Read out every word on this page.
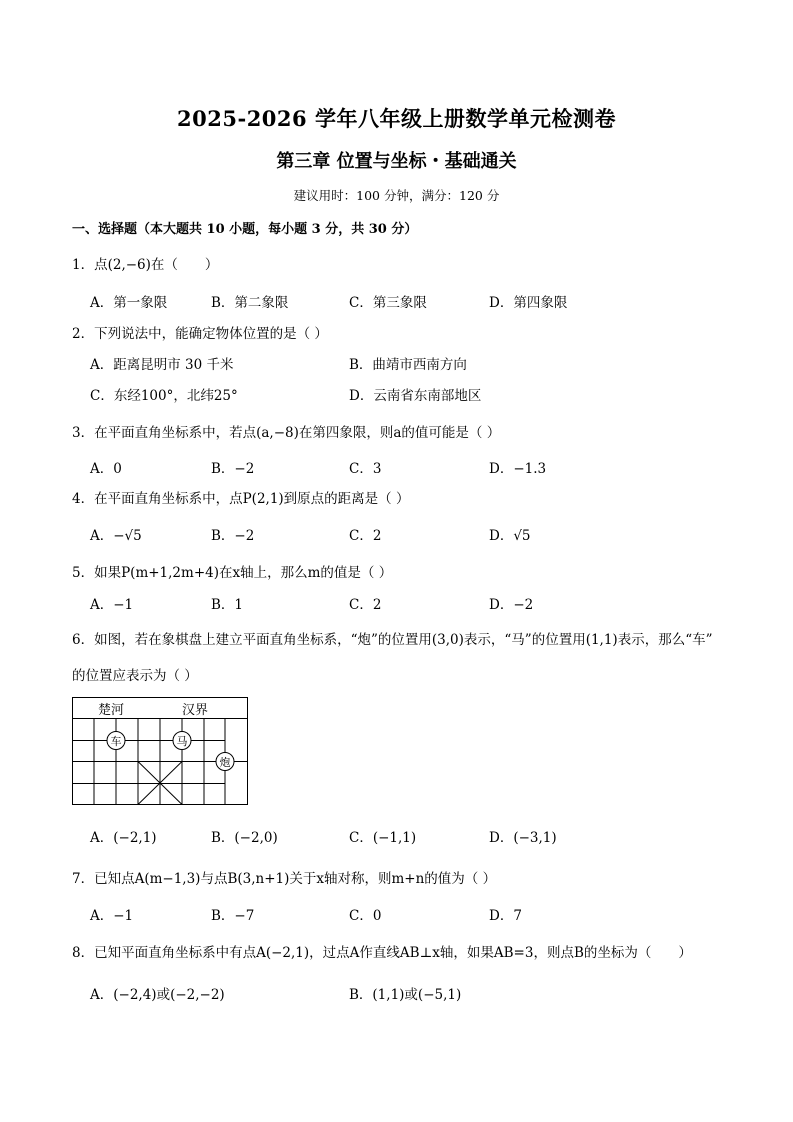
2025-2026 学年八年级上册数学单元检测卷
第三章 位置与坐标・基础通关
建议用时：100 分钟，满分：120 分
一、选择题（本大题共 10 小题，每小题 3 分，共 30 分）
1．点(2,−6)在（　　）
A．第一象限	B．第二象限	C．第三象限	D．第四象限
2．下列说法中，能确定物体位置的是（ ）
A．距离昆明市 30 千米	B．曲靖市西南方向
C．东经100°，北纬25°	D．云南省东南部地区
3．在平面直角坐标系中，若点(a,−8)在第四象限，则a的值可能是（ ）
A．0	B．−2	C．3	D．−1.3
4．在平面直角坐标系中，点P(2,1)到原点的距离是（ ）
A．−√5	B．−2	C．2	D．√5
5．如果P(m+1,2m+4)在x轴上，那么m的值是（ ）
A．−1	B．1	C．2	D．−2
6．如图，若在象棋盘上建立平面直角坐标系，“炮”的位置用(3,0)表示，“马”的位置用(1,1)表示，那么“车”
的位置应表示为（ ）
楚河	汉界
车	马
炮
A．(−2,1)	B．(−2,0)	C．(−1,1)	D．(−3,1)
7．已知点A(m−1,3)与点B(3,n+1)关于x轴对称，则m+n的值为（ ）
A．−1	B．−7	C．0	D．7
8．已知平面直角坐标系中有点A(−2,1)，过点A作直线AB⊥x轴，如果AB=3，则点B的坐标为（　　）
A．(−2,4)或(−2,−2)	B．(1,1)或(−5,1)
